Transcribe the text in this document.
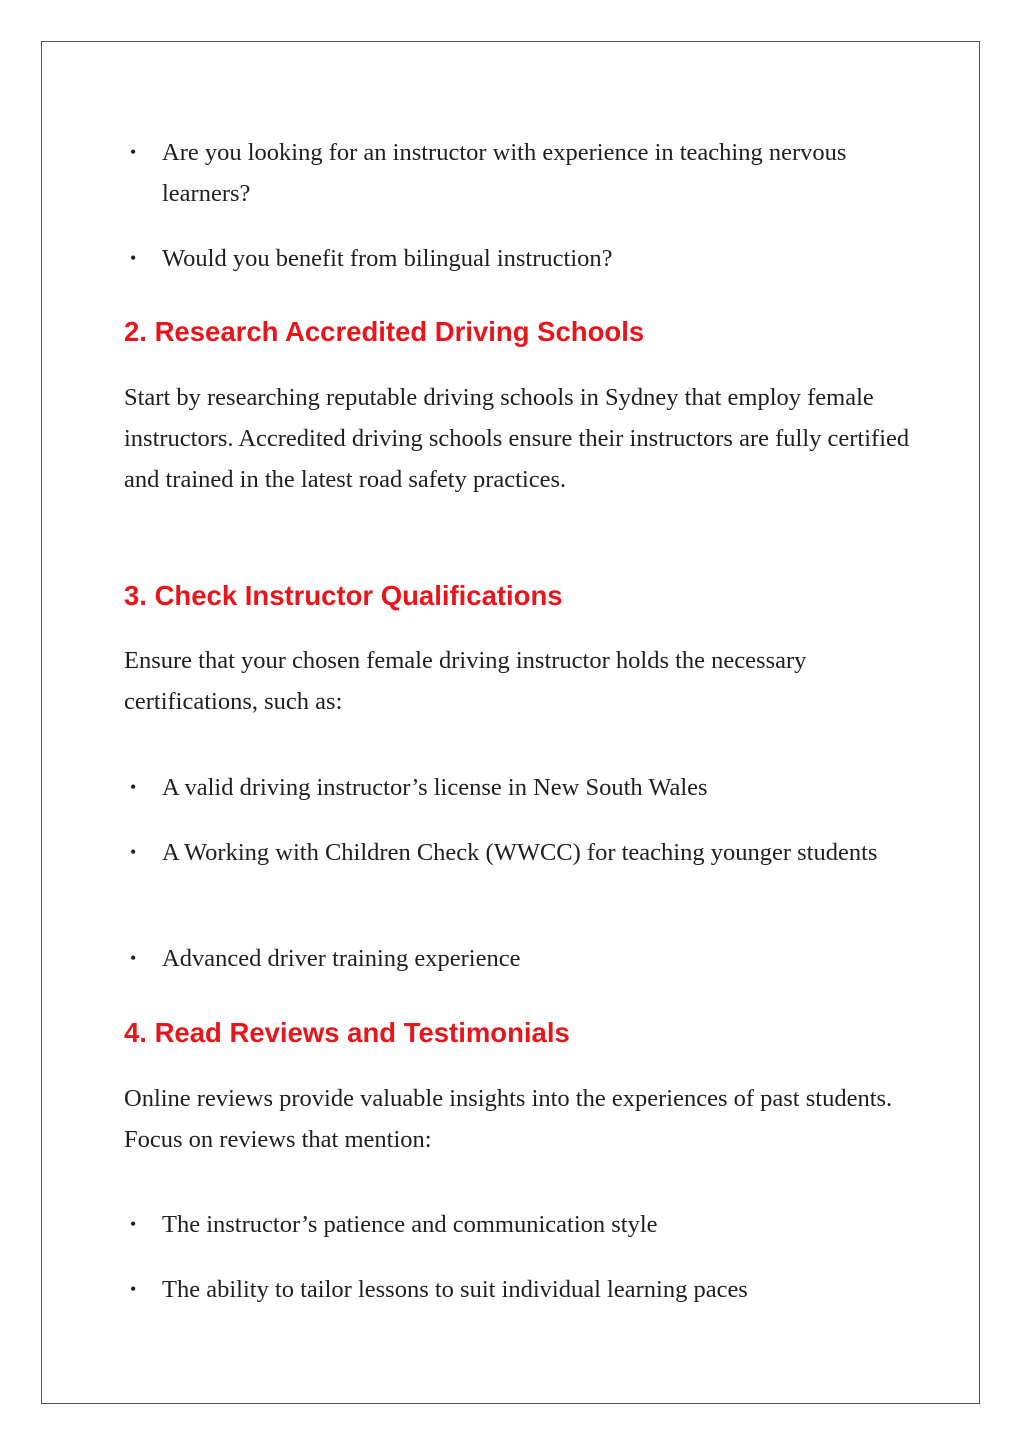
• Are you looking for an instructor with experience in teaching nervous learners?
• Would you benefit from bilingual instruction?
2. Research Accredited Driving Schools

Start by researching reputable driving schools in Sydney that employ female instructors. Accredited driving schools ensure their instructors are fully certified and trained in the latest road safety practices.

3. Check Instructor Qualifications

Ensure that your chosen female driving instructor holds the necessary certifications, such as:

• A valid driving instructor’s license in New South Wales
• A Working with Children Check (WWCC) for teaching younger students
• Advanced driver training experience
4. Read Reviews and Testimonials

Online reviews provide valuable insights into the experiences of past students. Focus on reviews that mention:

• The instructor’s patience and communication style
• The ability to tailor lessons to suit individual learning paces
